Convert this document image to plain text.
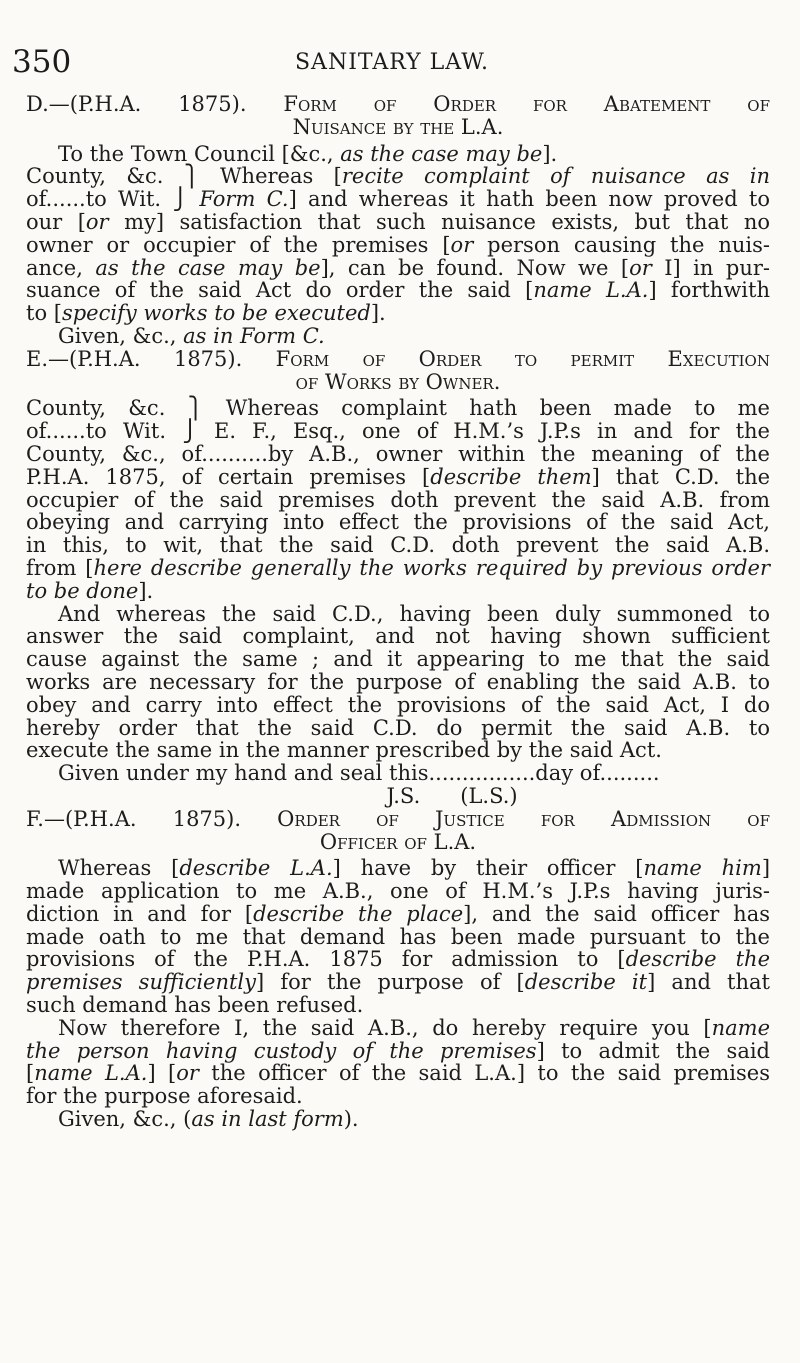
350	SANITARY LAW.
D.—(P.H.A. 1875). Form of Order for Abatement of
Nuisance by the L.A.
To the Town Council [&c., as the case may be].
County, &c. ⎫ Whereas [recite complaint of nuisance as in
of......to Wit. ⎭ Form C.] and whereas it hath been now proved to
our [or my] satisfaction that such nuisance exists, but that no
owner or occupier of the premises [or person causing the nuis-
ance, as the case may be], can be found. Now we [or I] in pur-
suance of the said Act do order the said [name L.A.] forthwith
to [specify works to be executed].
Given, &c., as in Form C.
E.—(P.H.A. 1875). Form of Order to permit Execution
of Works by Owner.
County, &c. ⎫ Whereas complaint hath been made to me
of......to Wit. ⎭ E. F., Esq., one of H.M.’s J.P.s in and for the
County, &c., of..........by A.B., owner within the meaning of the
P.H.A. 1875, of certain premises [describe them] that C.D. the
occupier of the said premises doth prevent the said A.B. from
obeying and carrying into effect the provisions of the said Act,
in this, to wit, that the said C.D. doth prevent the said A.B.
from [here describe generally the works required by previous order
to be done].
And whereas the said C.D., having been duly summoned to
answer the said complaint, and not having shown sufficient
cause against the same ; and it appearing to me that the said
works are necessary for the purpose of enabling the said A.B. to
obey and carry into effect the provisions of the said Act, I do
hereby order that the said C.D. do permit the said A.B. to
execute the same in the manner prescribed by the said Act.
Given under my hand and seal this................day of.........
J.S.      (L.S.)
F.—(P.H.A. 1875). Order of Justice for Admission of
Officer of L.A.
Whereas [describe L.A.] have by their officer [name him]
made application to me A.B., one of H.M.’s J.P.s having juris-
diction in and for [describe the place], and the said officer has
made oath to me that demand has been made pursuant to the
provisions of the P.H.A. 1875 for admission to [describe the
premises sufficiently] for the purpose of [describe it] and that
such demand has been refused.
Now therefore I, the said A.B., do hereby require you [name
the person having custody of the premises] to admit the said
[name L.A.] [or the officer of the said L.A.] to the said premises
for the purpose aforesaid.
Given, &c., (as in last form).
